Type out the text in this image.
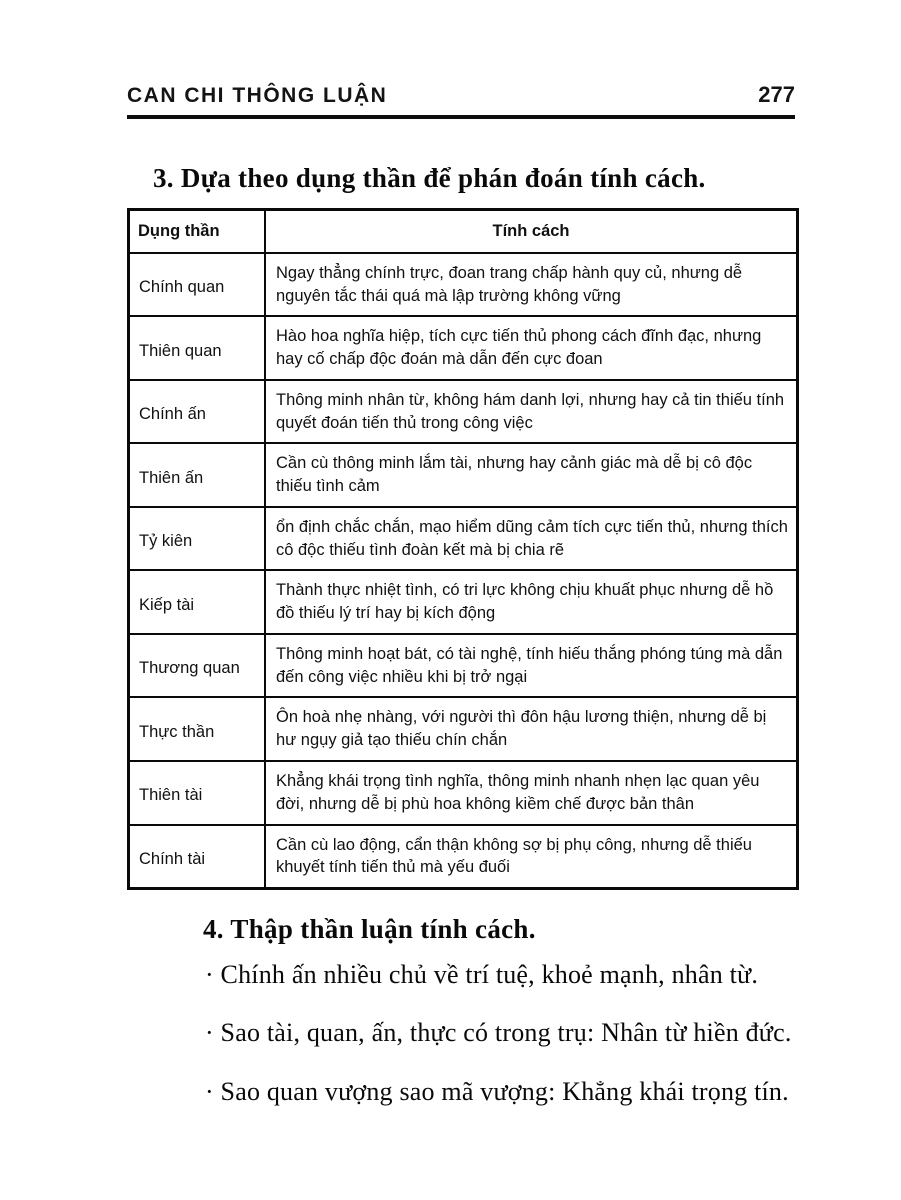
CAN CHI THÔNG LUẬN	277
3. Dựa theo dụng thần để phán đoán tính cách.
Dụng thần	Tính cách
Chính quan	Ngay thẳng chính trực, đoan trang chấp hành quy củ, nhưng dễ nguyên tắc thái quá mà lập trường không vững
Thiên quan	Hào hoa nghĩa hiệp, tích cực tiến thủ phong cách đĩnh đạc, nhưng hay cố chấp độc đoán mà dẫn đến cực đoan
Chính ấn	Thông minh nhân từ, không hám danh lợi, nhưng hay cả tin thiếu tính quyết đoán tiến thủ trong công việc
Thiên ấn	Cần cù thông minh lắm tài, nhưng hay cảnh giác mà dễ bị cô độc thiếu tình cảm
Tỷ kiên	ổn định chắc chắn, mạo hiểm dũng cảm tích cực tiến thủ, nhưng thích cô độc thiếu tình đoàn kết mà bị chia rẽ
Kiếp tài	Thành thực nhiệt tình, có tri lực không chịu khuất phục nhưng dễ hồ đồ thiếu lý trí hay bị kích động
Thương quan	Thông minh hoạt bát, có tài nghệ, tính hiếu thắng phóng túng mà dẫn đến công việc nhiều khi bị trở ngại
Thực thần	Ôn hoà nhẹ nhàng, với người thì đôn hậu lương thiện, nhưng dễ bị hư ngụy giả tạo thiếu chín chắn
Thiên tài	Khẳng khái trọng tình nghĩa, thông minh nhanh nhẹn lạc quan yêu đời, nhưng dễ bị phù hoa không kiềm chế được bản thân
Chính tài	Cần cù lao động, cẩn thận không sợ bị phụ công, nhưng dễ thiếu khuyết tính tiến thủ mà yếu đuối
4. Thập thần luận tính cách.

· Chính ấn nhiều chủ về trí tuệ, khoẻ mạnh, nhân từ.

· Sao tài, quan, ấn, thực có trong trụ: Nhân từ hiền đức.

· Sao quan vượng sao mã vượng: Khẳng khái trọng tín.
